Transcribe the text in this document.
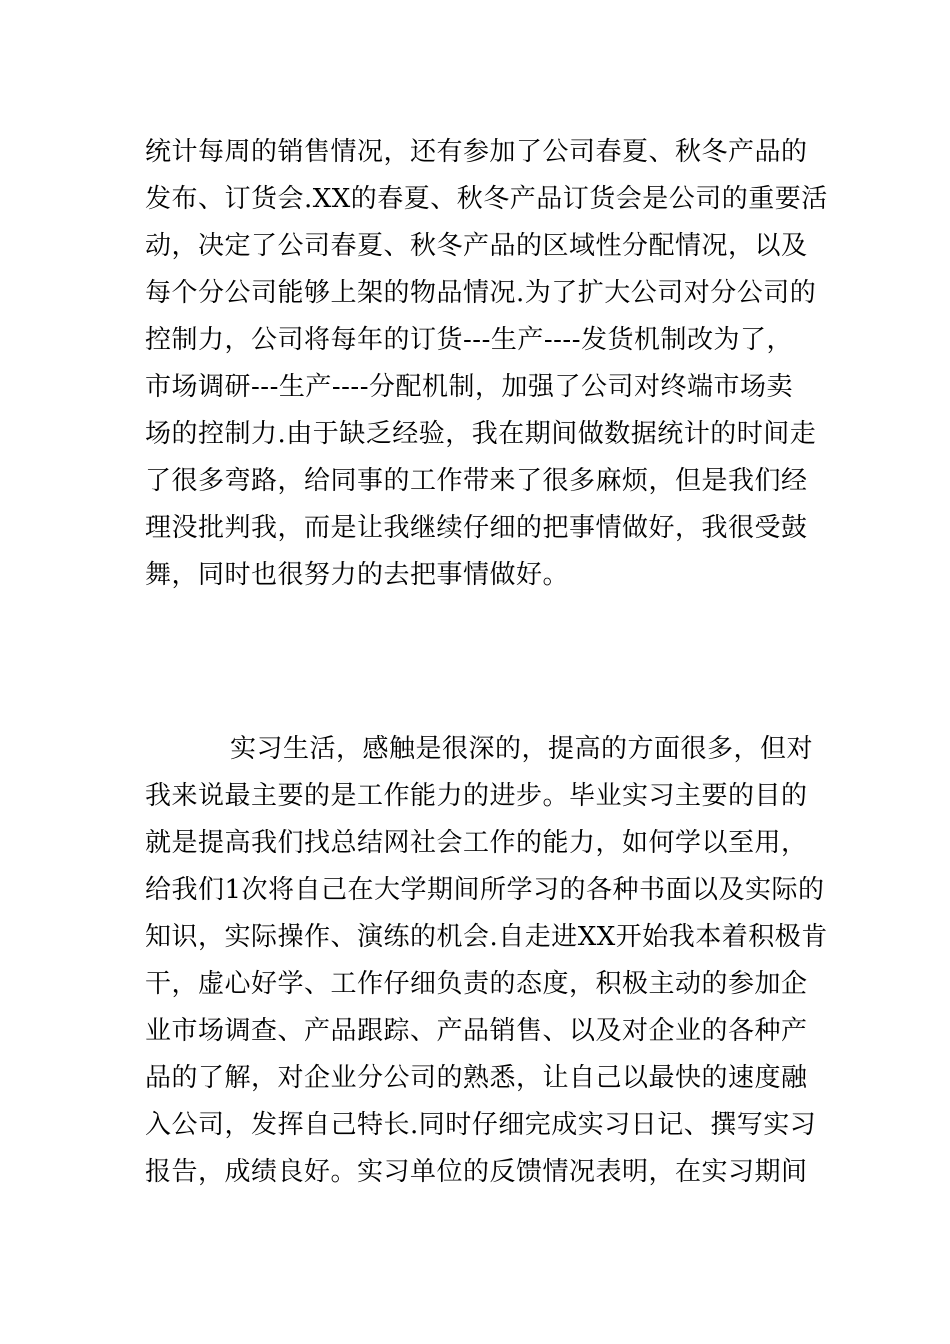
统计每周的销售情况，还有参加了公司春夏、秋冬产品的
发布、订货会.XX的春夏、秋冬产品订货会是公司的重要活
动，决定了公司春夏、秋冬产品的区域性分配情况，以及
每个分公司能够上架的物品情况.为了扩大公司对分公司的
控制力，公司将每年的订货---生产----发货机制改为了，
市场调研---生产----分配机制，加强了公司对终端市场卖
场的控制力.由于缺乏经验，我在期间做数据统计的时间走
了很多弯路，给同事的工作带来了很多麻烦，但是我们经
理没批判我，而是让我继续仔细的把事情做好，我很受鼓
舞，同时也很努力的去把事情做好。
实习生活，感触是很深的，提高的方面很多，但对
我来说最主要的是工作能力的进步。毕业实习主要的目的
就是提高我们找总结网社会工作的能力，如何学以至用，
给我们1次将自己在大学期间所学习的各种书面以及实际的
知识，实际操作、演练的机会.自走进XX开始我本着积极肯
干，虚心好学、工作仔细负责的态度，积极主动的参加企
业市场调查、产品跟踪、产品销售、以及对企业的各种产
品的了解，对企业分公司的熟悉，让自己以最快的速度融
入公司，发挥自己特长.同时仔细完成实习日记、撰写实习
报告，成绩良好。实习单位的反馈情况表明，在实习期间
